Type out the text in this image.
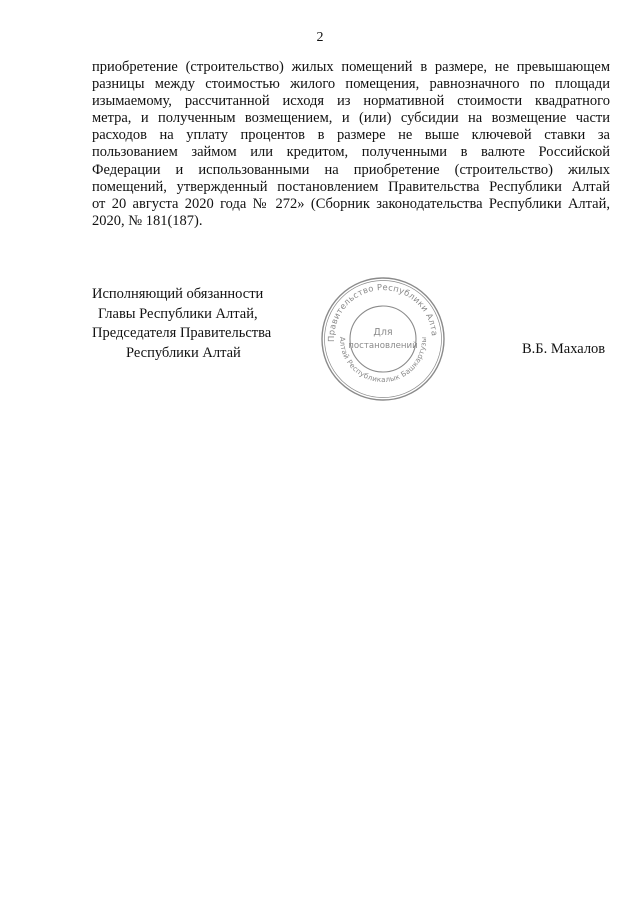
2
приобретение (строительство) жилых помещений в размере, не превышающем
разницы между стоимостью жилого помещения, равнозначного по площади
изымаемому, рассчитанной исходя из нормативной стоимости квадратного
метра, и полученным возмещением, и (или) субсидии на возмещение части
расходов на уплату процентов в размере не выше ключевой ставки за
пользованием займом или кредитом, полученными в валюте Российской
Федерации и использованными на приобретение (строительство) жилых
помещений, утвержденный постановлением Правительства Республики Алтай
от 20 августа 2020 года № 272» (Сборник законодательства Республики Алтай,
2020, № 181(187).
Исполняющий обязанности
Главы Республики Алтай,
Председателя Правительства
Республики Алтай
Правительство Республики Алта
Алтай Республикалык Башкартузы
Для
постановлений	В.Б. Махалов
